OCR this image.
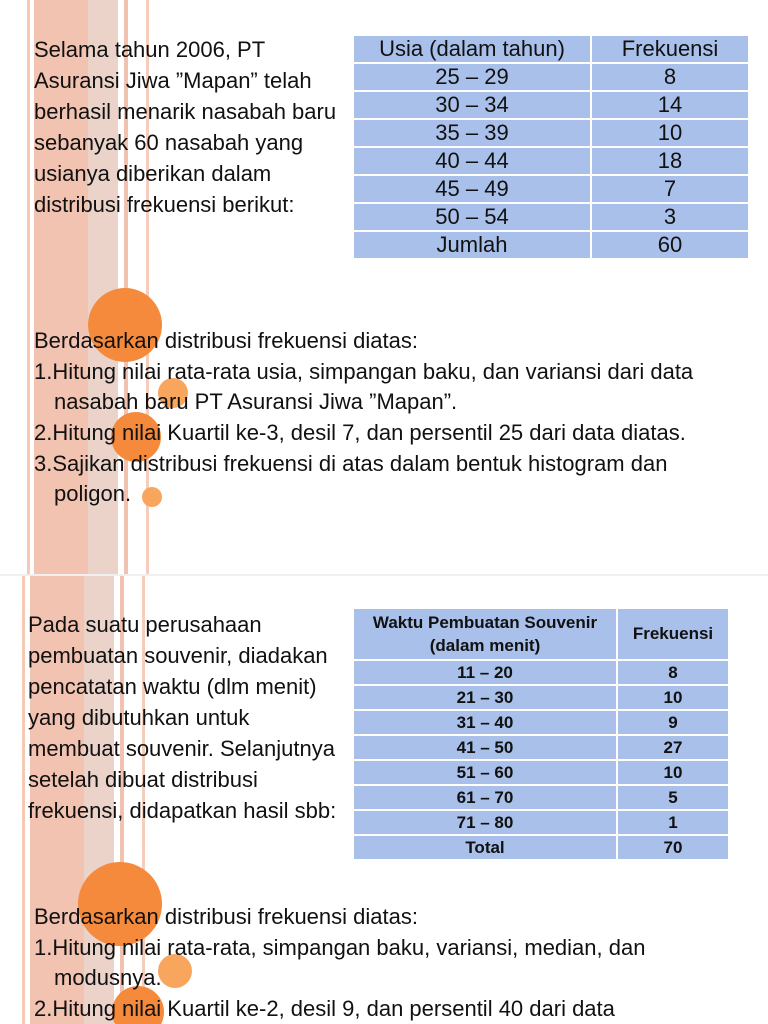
Selama tahun 2006, PT Asuransi Jiwa ”Mapan” telah berhasil menarik nasabah baru sebanyak 60 nasabah yang usianya diberikan dalam distribusi frekuensi berikut:

Usia (dalam tahun)	Frekuensi
25 – 29	8
30 – 34	14
35 – 39	10
40 – 44	18
45 – 49	7
50 – 54	3
Jumlah	60

Berdasarkan distribusi frekuensi diatas:

1.Hitung nilai rata-rata usia, simpangan baku, dan variansi dari data nasabah baru PT Asuransi Jiwa ”Mapan”.
2.Hitung nilai Kuartil ke-3, desil 7, dan persentil 25 dari data diatas.
3.Sajikan distribusi frekuensi di atas dalam bentuk histogram dan poligon.

Pada suatu perusahaan pembuatan souvenir, diadakan pencatatan waktu (dlm menit) yang dibutuhkan untuk membuat souvenir. Selanjutnya setelah dibuat distribusi frekuensi, didapatkan hasil sbb:

Waktu Pembuatan Souvenir (dalam menit)	Frekuensi
11 – 20	8
21 – 30	10
31 – 40	9
41 – 50	27
51 – 60	10
61 – 70	5
71 – 80	1
Total	70

Berdasarkan distribusi frekuensi diatas:

1.Hitung nilai rata-rata, simpangan baku, variansi, median, dan modusnya.
2.Hitung nilai Kuartil ke-2, desil 9, dan persentil 40 dari data
